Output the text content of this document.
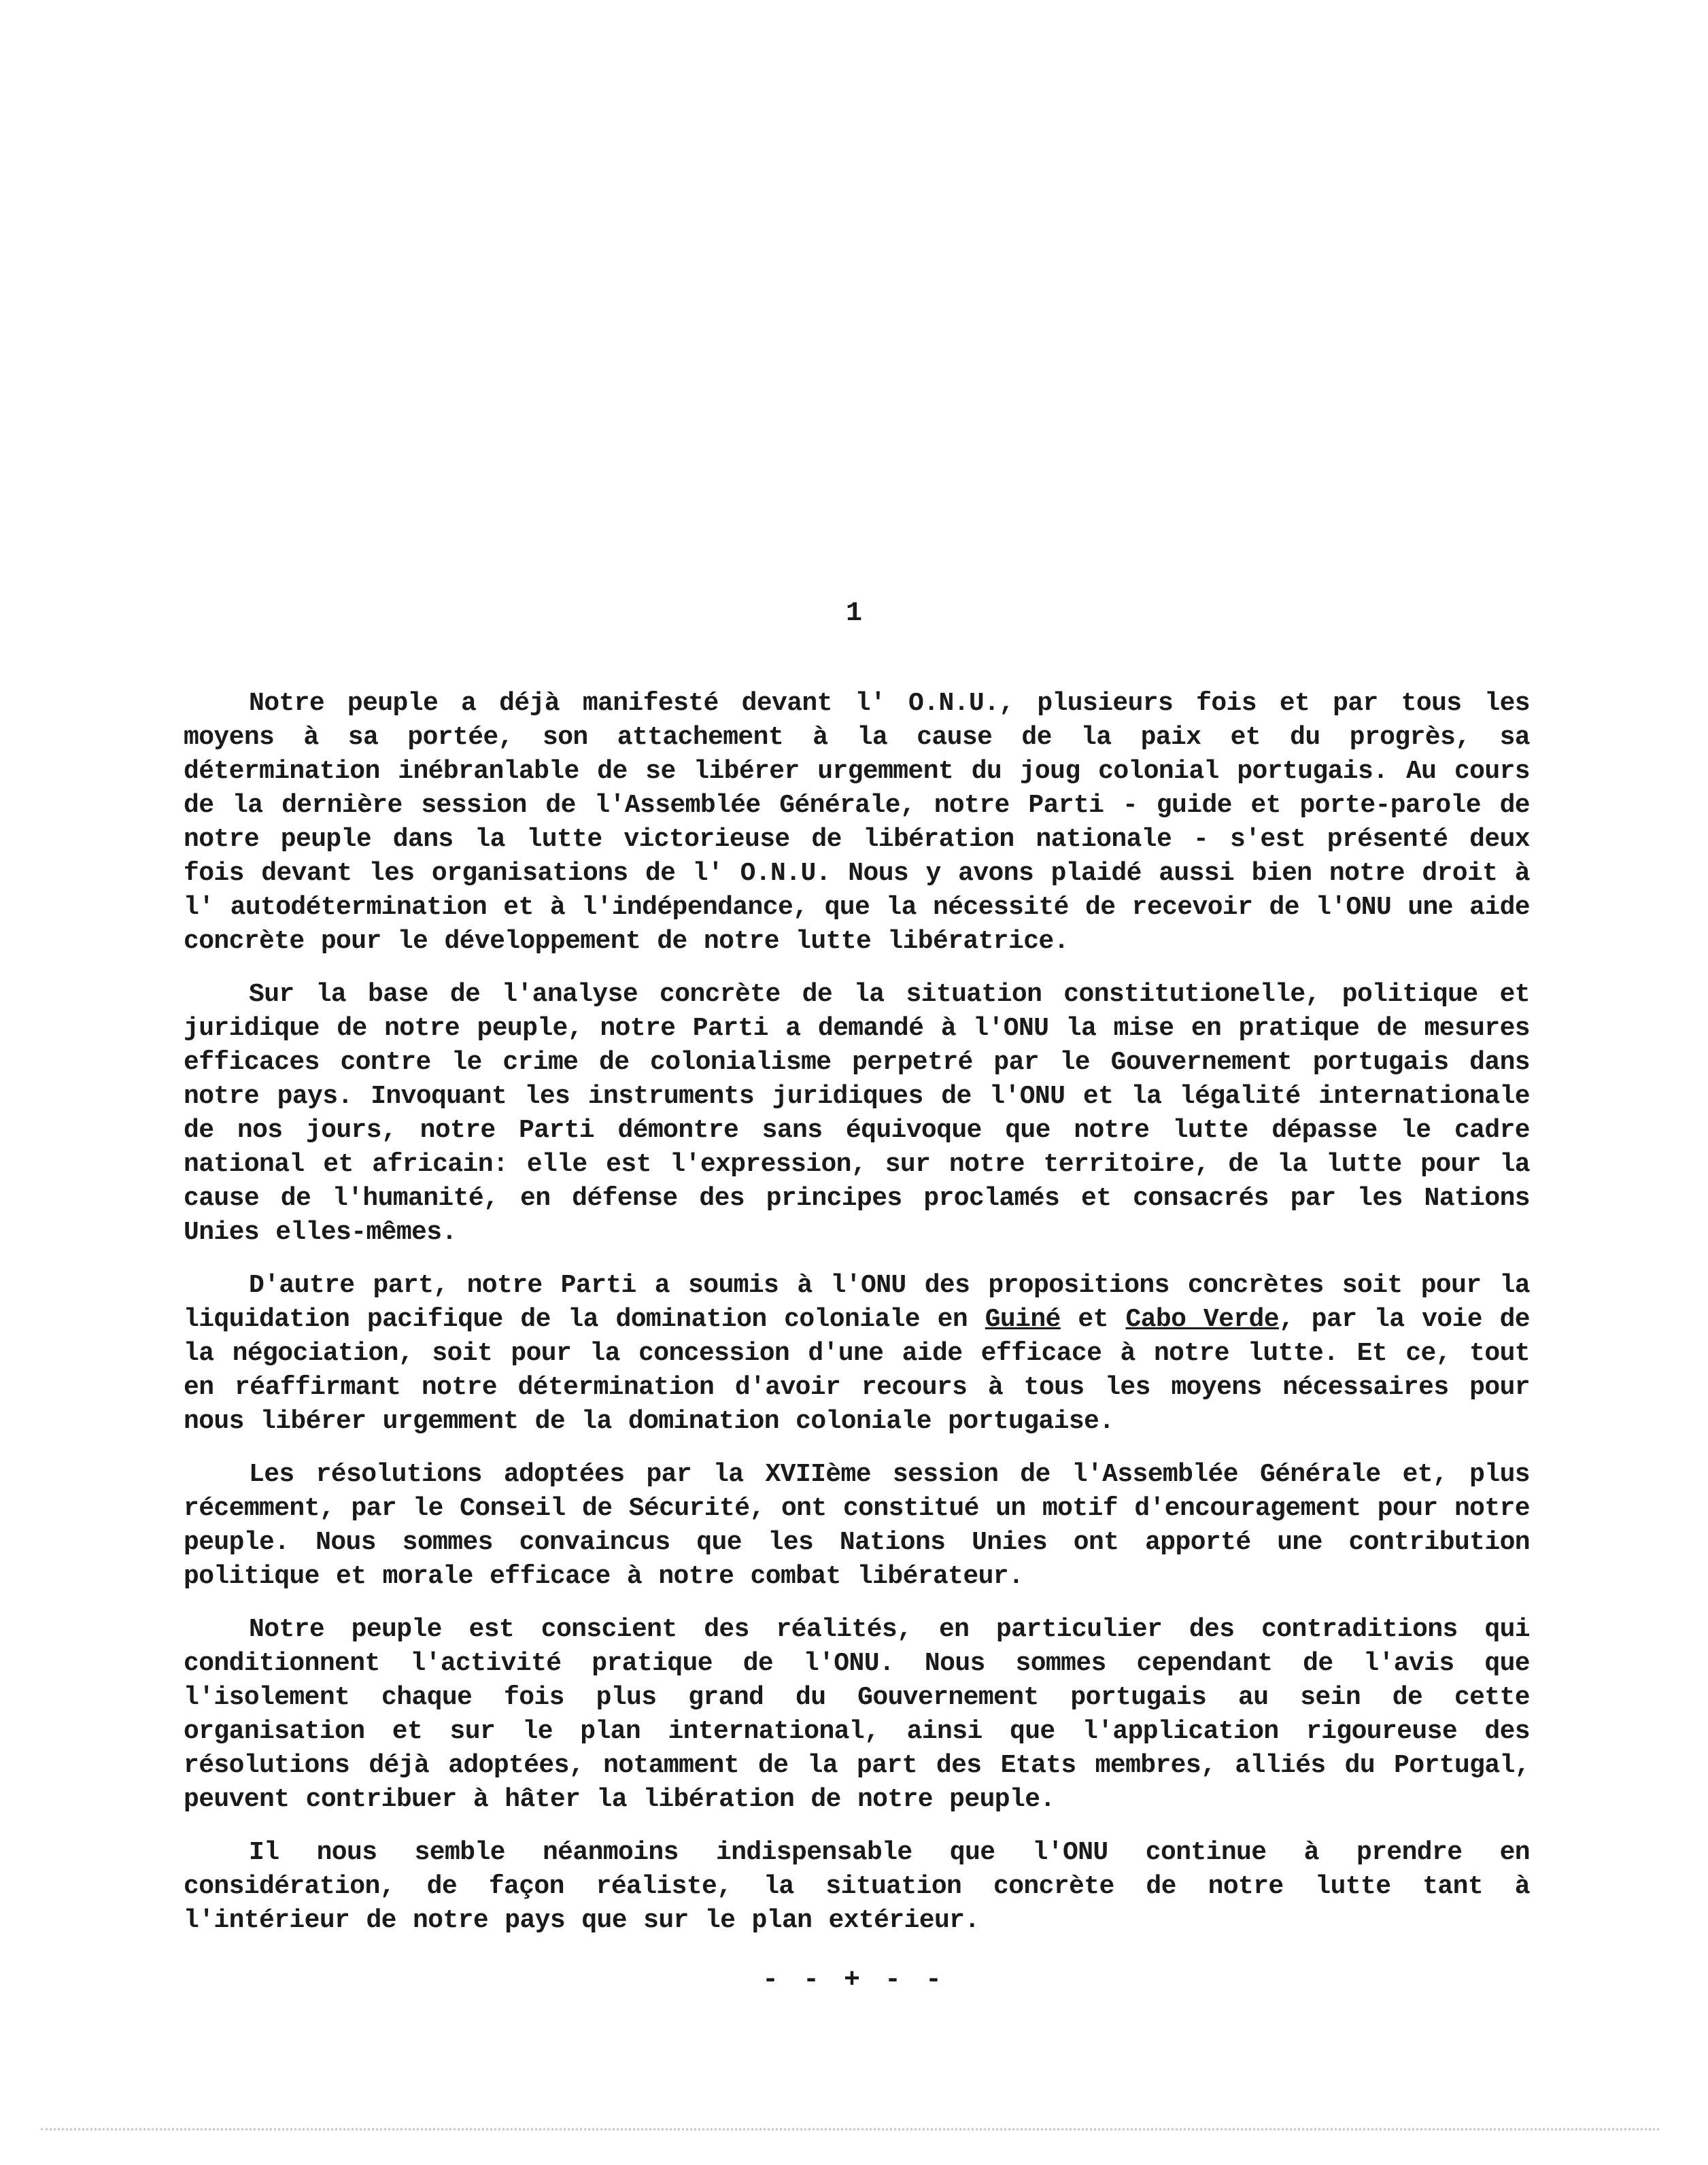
1

Notre peuple a déjà manifesté devant l' O.N.U., plusieurs fois et par tous les moyens à sa portée, son attachement à la cause de la paix et du progrès, sa détermination inébranlable de se libérer urgemment du joug colonial portugais. Au cours de la dernière session de l'Assemblée Générale, notre Parti - guide et porte-parole de notre peuple dans la lutte victorieuse de libération nationale - s'est présenté deux fois devant les organisations de l' O.N.U. Nous y avons plaidé aussi bien notre droit à l' autodétermination et à l'indépendance, que la nécessité de recevoir de l'ONU une aide concrète pour le développement de notre lutte libératrice.

Sur la base de l'analyse concrète de la situation constitutionelle, politique et juridique de notre peuple, notre Parti a demandé à l'ONU la mise en pratique de mesures efficaces contre le crime de colonialisme perpetré par le Gouvernement portugais dans notre pays. Invoquant les instruments juridiques de l'ONU et la légalité internationale de nos jours, notre Parti démontre sans équivoque que notre lutte dépasse le cadre national et africain: elle est l'expression, sur notre territoire, de la lutte pour la cause de l'humanité, en défense des principes proclamés et consacrés par les Nations Unies elles-mêmes.

D'autre part, notre Parti a soumis à l'ONU des propositions concrètes soit pour la liquidation pacifique de la domination coloniale en Guiné et Cabo Verde, par la voie de la négociation, soit pour la concession d'une aide efficace à notre lutte. Et ce, tout en réaffirmant notre détermination d'avoir recours à tous les moyens nécessaires pour nous libérer urgemment de la domination coloniale portugaise.

Les résolutions adoptées par la XVIIème session de l'Assemblée Générale et, plus récemment, par le Conseil de Sécurité, ont constitué un motif d'encouragement pour notre peuple. Nous sommes convaincus que les Nations Unies ont apporté une contribution politique et morale efficace à notre combat libérateur.

Notre peuple est conscient des réalités, en particulier des contraditions qui conditionnent l'activité pratique de l'ONU. Nous sommes cependant de l'avis que l'isolement chaque fois plus grand du Gouvernement portugais au sein de cette organisation et sur le plan international, ainsi que l'application rigoureuse des résolutions déjà adoptées, notamment de la part des Etats membres, alliés du Portugal, peuvent contribuer à hâter la libération de notre peuple.

Il nous semble néanmoins indispensable que l'ONU continue à prendre en considération, de façon réaliste, la situation concrète de notre lutte tant à l'intérieur de notre pays que sur le plan extérieur.

- - + - -
